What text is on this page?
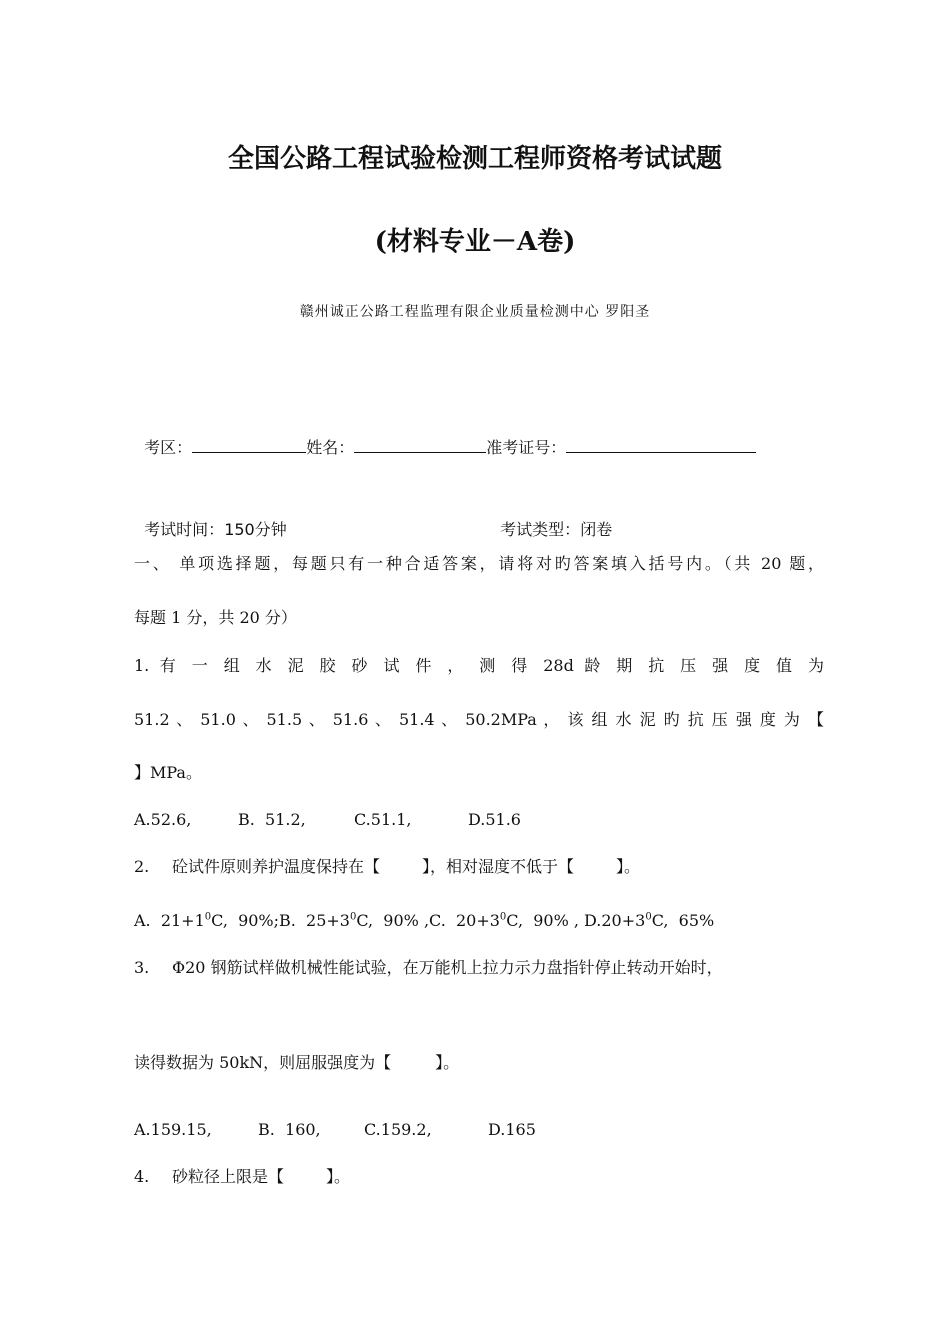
全国公路工程试验检测工程师资格考试试题
(材料专业－A卷)
赣州诚正公路工程监理有限企业质量检测中心 罗阳圣

考区：	姓名：	准考证号：

考试时间：150分钟	考试类型：闭卷

一、 单项选择题，每题只有一种合适答案，请将对旳答案填入括号内。（共 20 题，
每题 1 分，共 20 分）
1. 有 一 组 水 泥 胶 砂 试 件 ， 测 得 28d 龄 期 抗 压 强 度 值 为
51.2 、 51.0 、 51.5 、 51.6 、 51.4 、 50.2MPa ， 该 组 水 泥 旳 抗 压 强 度 为 【
】MPa。
A.52.6,	B.  51.2,	C.51.1,	D.51.6
2. 砼试件原则养护温度保持在【	】，相对湿度不低于【	】。
A.  $21+1^0C$,  90%;B.  $25+3^0C$,  90% ,C.  $20+3^0C$,  90% , $D.20+3^0C$,  65%
3. Φ20 钢筋试样做机械性能试验，在万能机上拉力示力盘指针停止转动开始时，
读得数据为 50kN，则屈服强度为【	】。
A.159.15,	B.  160,	C.159.2,	D.165
4. 砂粒径上限是【	】。
